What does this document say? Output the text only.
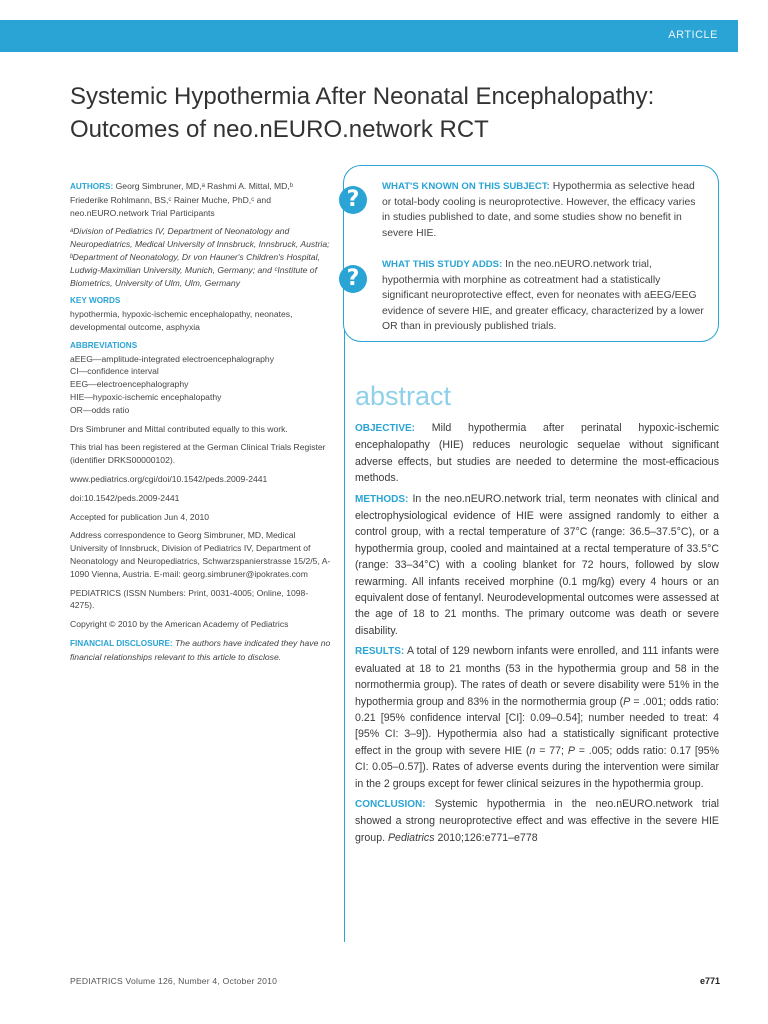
ARTICLE
Systemic Hypothermia After Neonatal Encephalopathy:
Outcomes of neo.nEURO.network RCT

AUTHORS: Georg Simbruner, MD,ᵃ Rashmi A. Mittal, MD,ᵇ Friederike Rohlmann, BS,ᶜ Rainer Muche, PhD,ᶜ and neo.nEURO.network Trial Participants

ᵃDivision of Pediatrics IV, Department of Neonatology and Neuropediatrics, Medical University of Innsbruck, Innsbruck, Austria; ᵇDepartment of Neonatology, Dr von Hauner's Children's Hospital, Ludwig-Maximilian University, Munich, Germany; and ᶜInstitute of Biometrics, University of Ulm, Ulm, Germany

KEY WORDS

hypothermia, hypoxic-ischemic encephalopathy, neonates, developmental outcome, asphyxia

ABBREVIATIONS

aEEG—amplitude-integrated electroencephalography
CI—confidence interval
EEG—electroencephalography
HIE—hypoxic-ischemic encephalopathy
OR—odds ratio

Drs Simbruner and Mittal contributed equally to this work.

This trial has been registered at the German Clinical Trials Register (identifier DRKS00000102).

www.pediatrics.org/cgi/doi/10.1542/peds.2009-2441

doi:10.1542/peds.2009-2441

Accepted for publication Jun 4, 2010

Address correspondence to Georg Simbruner, MD, Medical University of Innsbruck, Division of Pediatrics IV, Department of Neonatology and Neuropediatrics, Schwarzspanierstrasse 15/2/5, A-1090 Vienna, Austria. E-mail: georg.simbruner@ipokrates.com

PEDIATRICS (ISSN Numbers: Print, 0031-4005; Online, 1098-4275).

Copyright © 2010 by the American Academy of Pediatrics

FINANCIAL DISCLOSURE: The authors have indicated they have no financial relationships relevant to this article to disclose.

?
?
WHAT'S KNOWN ON THIS SUBJECT: Hypothermia as selective head or total-body cooling is neuroprotective. However, the efficacy varies in studies published to date, and some studies show no benefit in severe HIE.
WHAT THIS STUDY ADDS: In the neo.nEURO.network trial, hypothermia with morphine as cotreatment had a statistically significant neuroprotective effect, even for neonates with aEEG/EEG evidence of severe HIE, and greater efficacy, characterized by a lower OR than in previously published trials.
abstract

OBJECTIVE: Mild hypothermia after perinatal hypoxic-ischemic encephalopathy (HIE) reduces neurologic sequelae without significant adverse effects, but studies are needed to determine the most-efficacious methods.

METHODS: In the neo.nEURO.network trial, term neonates with clinical and electrophysiological evidence of HIE were assigned randomly to either a control group, with a rectal temperature of 37°C (range: 36.5–37.5°C), or a hypothermia group, cooled and maintained at a rectal temperature of 33.5°C (range: 33–34°C) with a cooling blanket for 72 hours, followed by slow rewarming. All infants received morphine (0.1 mg/kg) every 4 hours or an equivalent dose of fentanyl. Neurodevelopmental outcomes were assessed at the age of 18 to 21 months. The primary outcome was death or severe disability.

RESULTS: A total of 129 newborn infants were enrolled, and 111 infants were evaluated at 18 to 21 months (53 in the hypothermia group and 58 in the normothermia group). The rates of death or severe disability were 51% in the hypothermia group and 83% in the normothermia group (P = .001; odds ratio: 0.21 [95% confidence interval [CI]: 0.09–0.54]; number needed to treat: 4 [95% CI: 3–9]). Hypothermia also had a statistically significant protective effect in the group with severe HIE (n = 77; P = .005; odds ratio: 0.17 [95% CI: 0.05–0.57]). Rates of adverse events during the intervention were similar in the 2 groups except for fewer clinical seizures in the hypothermia group.

CONCLUSION: Systemic hypothermia in the neo.nEURO.network trial showed a strong neuroprotective effect and was effective in the severe HIE group. Pediatrics 2010;126:e771–e778

PEDIATRICS Volume 126, Number 4, October 2010	e771
